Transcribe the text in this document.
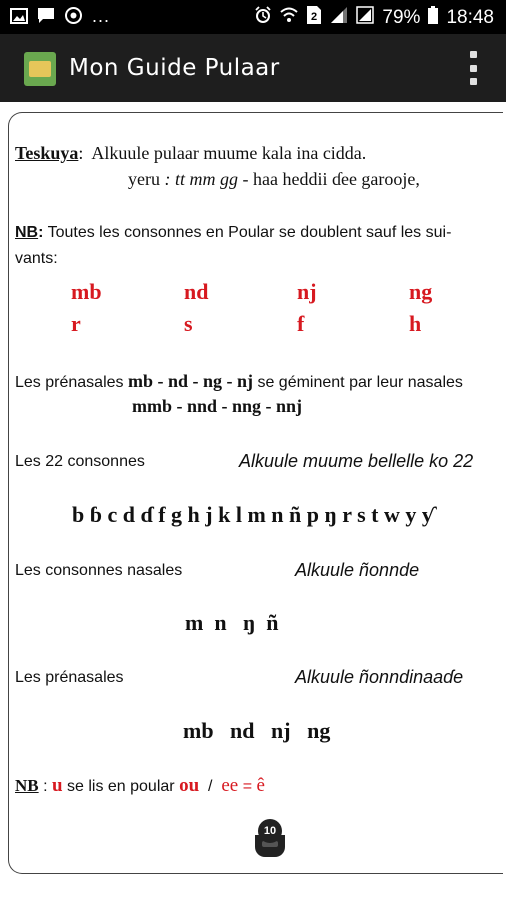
...	2	79% 18:48
Mon Guide Pulaar
Teskuya:  Alkuule pulaar muume kala ina cidda.
yeru : tt mm gg - haa heddii ɗee garooje,
NB: Toutes les consonnes en Poular se doublent sauf les sui-
vants:
mb	nd	nj	ng
r	s	f	h
Les prénasales mb - nd - ng - nj se géminent par leur nasales
mmb - nnd - nng - nnj
Les 22 consonnes	Alkuule muume bellelle ko 22
b ɓ c d ɗ f g h j k l m n ñ p ŋ r s t w y ƴ
Les consonnes nasales	Alkuule ñonnde
m  n   ŋ  ñ
Les prénasales	Alkuule ñonndinaaɗe
mb   nd   nj   ng
NB : u se lis en poular ou / ee = ê
10
